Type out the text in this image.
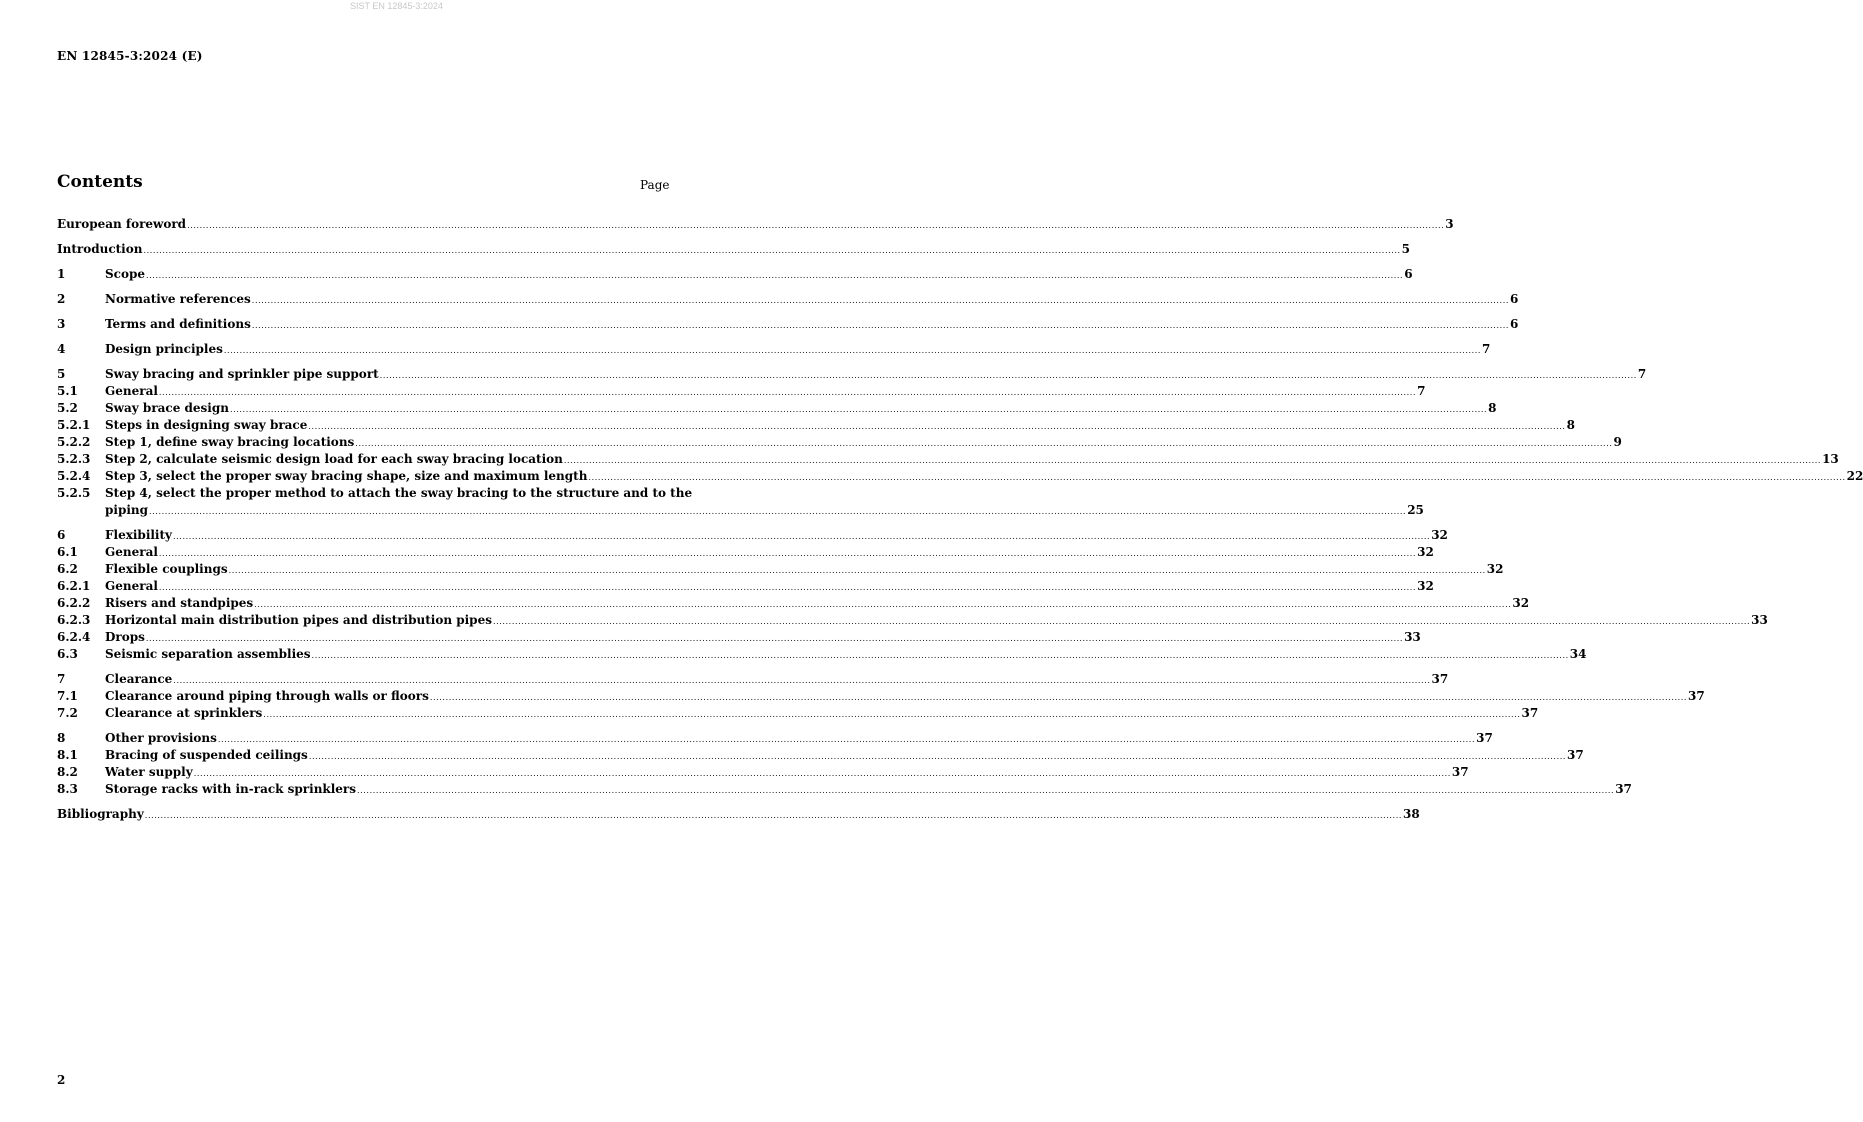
SIST EN 12845-3:2024
EN 12845-3:2024 (E)
Contents	Page
European foreword ................................................................................................................................................................................................................................................................................................................................................................................................................ 3
Introduction ................................................................................................................................................................................................................................................................................................................................................................................................................ 5
1	Scope ................................................................................................................................................................................................................................................................................................................................................................................................................ 6
2	Normative references ................................................................................................................................................................................................................................................................................................................................................................................................................ 6
3	Terms and definitions ................................................................................................................................................................................................................................................................................................................................................................................................................ 6
4	Design principles ................................................................................................................................................................................................................................................................................................................................................................................................................ 7
5	Sway bracing and sprinkler pipe support ................................................................................................................................................................................................................................................................................................................................................................................................................ 7
5.1	General ................................................................................................................................................................................................................................................................................................................................................................................................................ 7
5.2	Sway brace design ................................................................................................................................................................................................................................................................................................................................................................................................................ 8
5.2.1	Steps in designing sway brace ................................................................................................................................................................................................................................................................................................................................................................................................................ 8
5.2.2	Step 1, define sway bracing locations ................................................................................................................................................................................................................................................................................................................................................................................................................ 9
5.2.3	Step 2, calculate seismic design load for each sway bracing location ................................................................................................................................................................................................................................................................................................................................................................................................................ 13
5.2.4	Step 3, select the proper sway bracing shape, size and maximum length ................................................................................................................................................................................................................................................................................................................................................................................................................ 22
5.2.5	Step 4, select the proper method to attach the sway bracing to the structure and to the
piping ................................................................................................................................................................................................................................................................................................................................................................................................................ 25
6	Flexibility ................................................................................................................................................................................................................................................................................................................................................................................................................ 32
6.1	General ................................................................................................................................................................................................................................................................................................................................................................................................................ 32
6.2	Flexible couplings ................................................................................................................................................................................................................................................................................................................................................................................................................ 32
6.2.1	General ................................................................................................................................................................................................................................................................................................................................................................................................................ 32
6.2.2	Risers and standpipes ................................................................................................................................................................................................................................................................................................................................................................................................................ 32
6.2.3	Horizontal main distribution pipes and distribution pipes ................................................................................................................................................................................................................................................................................................................................................................................................................ 33
6.2.4	Drops ................................................................................................................................................................................................................................................................................................................................................................................................................ 33
6.3	Seismic separation assemblies ................................................................................................................................................................................................................................................................................................................................................................................................................ 34
7	Clearance ................................................................................................................................................................................................................................................................................................................................................................................................................ 37
7.1	Clearance around piping through walls or floors ................................................................................................................................................................................................................................................................................................................................................................................................................ 37
7.2	Clearance at sprinklers ................................................................................................................................................................................................................................................................................................................................................................................................................ 37
8	Other provisions ................................................................................................................................................................................................................................................................................................................................................................................................................ 37
8.1	Bracing of suspended ceilings ................................................................................................................................................................................................................................................................................................................................................................................................................ 37
8.2	Water supply ................................................................................................................................................................................................................................................................................................................................................................................................................ 37
8.3	Storage racks with in-rack sprinklers ................................................................................................................................................................................................................................................................................................................................................................................................................ 37
Bibliography ................................................................................................................................................................................................................................................................................................................................................................................................................ 38
2
